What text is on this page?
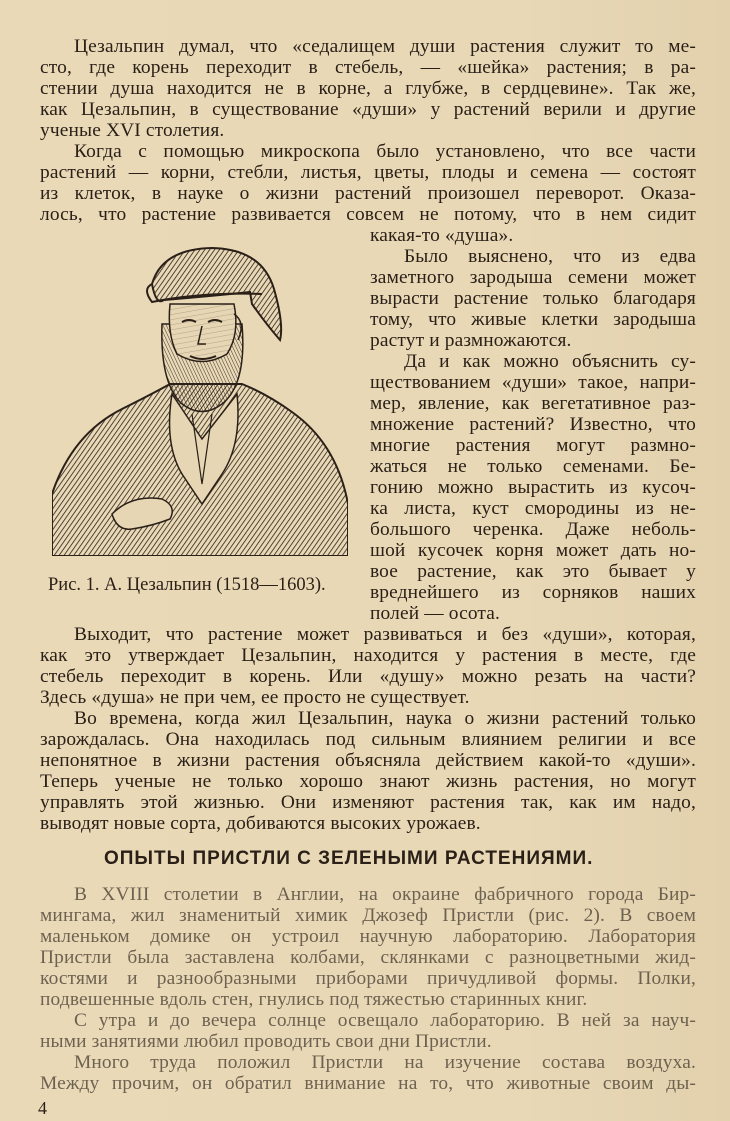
Цезальпин думал, что «седалищем души растения служит то ме-
сто, где корень переходит в стебель, — «шейка» растения; в ра-
стении душа находится не в корне, а глубже, в сердцевине». Так же,
как Цезальпин, в существование «души» у растений верили и другие
ученые XVI столетия.
Когда с помощью микроскопа было установлено, что все части
растений — корни, стебли, листья, цветы, плоды и семена — состоят
из клеток, в науке о жизни растений произошел переворот. Оказа-
лось, что растение развивается совсем не потому, что в нем сидит
какая-то «душа».
Было выяснено, что из едва
заметного зародыша семени может
вырасти растение только благодаря
тому, что живые клетки зародыша
растут и размножаются.
Да и как можно объяснить су-
ществованием «души» такое, напри-
мер, явление, как вегетативное раз-
множение растений? Известно, что
многие растения могут размно-
жаться не только семенами. Бе-
гонию можно вырастить из кусоч-
ка листа, куст смородины из не-
большого черенка. Даже неболь-
шой кусочек корня может дать но-
вое растение, как это бывает у
вреднейшего из сорняков наших
полей — осота.
Рис. 1. А. Цезальпин (1518—1603).
Выходит, что растение может развиваться и без «души», которая,
как это утверждает Цезальпин, находится у растения в месте, где
стебель переходит в корень. Или «душу» можно резать на части?
Здесь «душа» не при чем, ее просто не существует.
Во времена, когда жил Цезальпин, наука о жизни растений только
зарождалась. Она находилась под сильным влиянием религии и все
непонятное в жизни растения объясняла действием какой-то «души».
Теперь ученые не только хорошо знают жизнь растения, но могут
управлять этой жизнью. Они изменяют растения так, как им надо,
выводят новые сорта, добиваются высоких урожаев.
ОПЫТЫ ПРИСТЛИ С ЗЕЛЕНЫМИ РАСТЕНИЯМИ.
В XVIII столетии в Англии, на окраине фабричного города Бир-
мингама, жил знаменитый химик Джозеф Пристли (рис. 2). В своем
маленьком домике он устроил научную лабораторию. Лаборатория
Пристли была заставлена колбами, склянками с разноцветными жид-
костями и разнообразными приборами причудливой формы. Полки,
подвешенные вдоль стен, гнулись под тяжестью старинных книг.
С утра и до вечера солнце освещало лабораторию. В ней за науч-
ными занятиями любил проводить свои дни Пристли.
Много труда положил Пристли на изучение состава воздуха.
Между прочим, он обратил внимание на то, что животные своим ды-
4
